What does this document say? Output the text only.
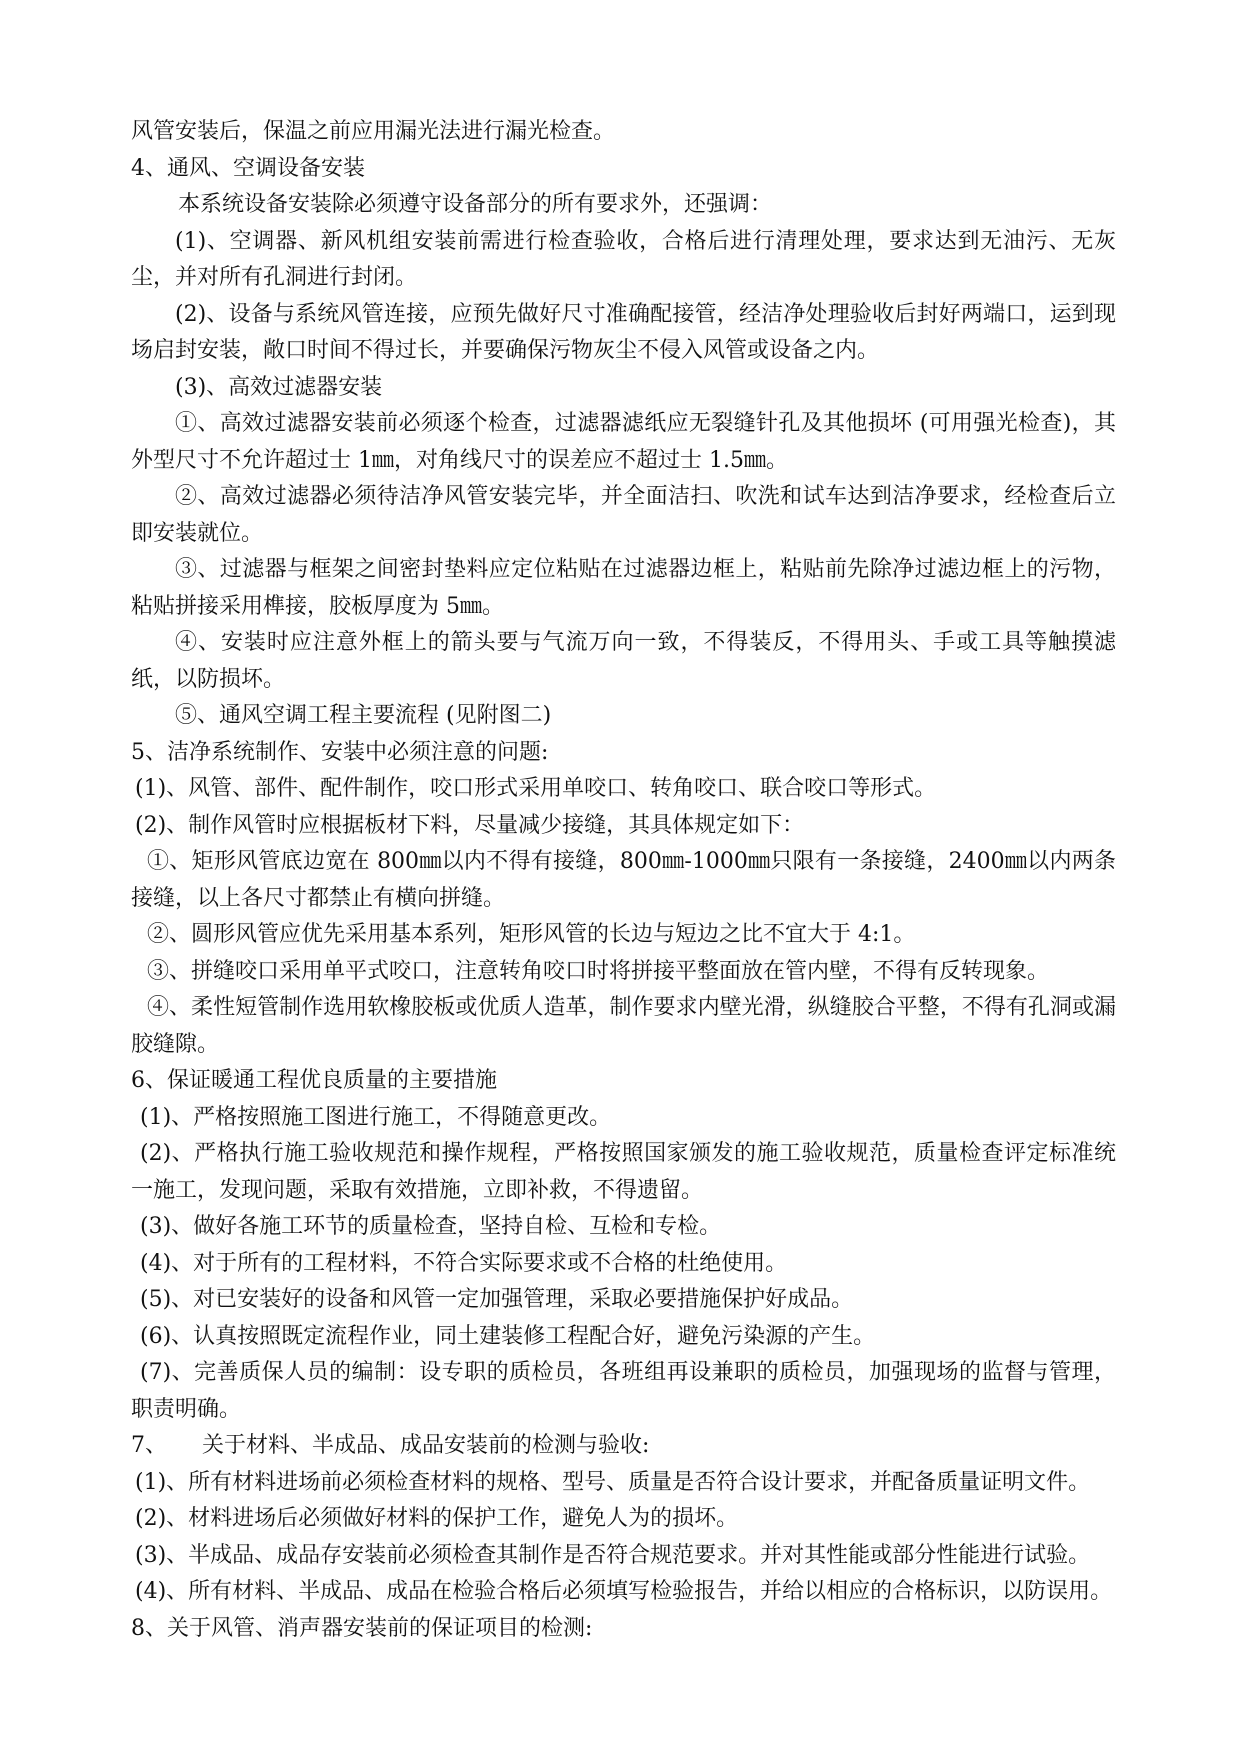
风管安装后，保温之前应用漏光法进行漏光检查。

4、通风、空调设备安装

本系统设备安装除必须遵守设备部分的所有要求外，还强调：

(1)、空调器、新风机组安装前需进行检查验收，合格后进行清理处理，要求达到无油污、无灰尘，并对所有孔洞进行封闭。

(2)、设备与系统风管连接，应预先做好尺寸准确配接管，经洁净处理验收后封好两端口，运到现场启封安装，敞口时间不得过长，并要确保污物灰尘不侵入风管或设备之内。

(3)、高效过滤器安装

①、高效过滤器安装前必须逐个检查，过滤器滤纸应无裂缝针孔及其他损坏 (可用强光检查)，其外型尺寸不允许超过士 1㎜，对角线尺寸的误差应不超过士 1.5㎜。

②、高效过滤器必须待洁净风管安装完毕，并全面洁扫、吹洗和试车达到洁净要求，经检查后立即安装就位。

③、过滤器与框架之间密封垫料应定位粘贴在过滤器边框上，粘贴前先除净过滤边框上的污物，粘贴拼接采用榫接，胶板厚度为 5㎜。

④、安装时应注意外框上的箭头要与气流万向一致，不得装反，不得用头、手或工具等触摸滤纸，以防损坏。

⑤、通风空调工程主要流程 (见附图二)

5、洁净系统制作、安装中必须注意的问题:

(1)、风管、部件、配件制作，咬口形式采用单咬口、转角咬口、联合咬口等形式。

(2)、制作风管时应根据板材下料，尽量减少接缝，其具体规定如下：

①、矩形风管底边宽在 800㎜以内不得有接缝，800㎜-1000㎜只限有一条接缝，2400㎜以内两条接缝，以上各尺寸都禁止有横向拼缝。

②、圆形风管应优先采用基本系列，矩形风管的长边与短边之比不宜大于 4:1。

③、拼缝咬口采用单平式咬口，注意转角咬口时将拼接平整面放在管内壁，不得有反转现象。

④、柔性短管制作选用软橡胶板或优质人造革，制作要求内壁光滑，纵缝胶合平整，不得有孔洞或漏胶缝隙。

6、保证暖通工程优良质量的主要措施

(1)、严格按照施工图进行施工，不得随意更改。

(2)、严格执行施工验收规范和操作规程，严格按照国家颁发的施工验收规范，质量检查评定标准统一施工，发现问题，采取有效措施，立即补救，不得遗留。

(3)、做好各施工环节的质量检查，坚持自检、互检和专检。

(4)、对于所有的工程材料，不符合实际要求或不合格的杜绝使用。

(5)、对已安装好的设备和风管一定加强管理，采取必要措施保护好成品。

(6)、认真按照既定流程作业，同土建装修工程配合好，避免污染源的产生。

(7)、完善质保人员的编制：设专职的质检员，各班组再设兼职的质检员，加强现场的监督与管理，职责明确。

7、     关于材料、半成品、成品安装前的检测与验收:

(1)、所有材料进场前必须检查材料的规格、型号、质量是否符合设计要求，并配备质量证明文件。

(2)、材料进场后必须做好材料的保护工作，避免人为的损坏。

(3)、半成品、成品存安装前必须检查其制作是否符合规范要求。并对其性能或部分性能进行试验。

(4)、所有材料、半成品、成品在检验合格后必须填写检验报告，并给以相应的合格标识，以防误用。

8、关于风管、消声器安装前的保证项目的检测:
